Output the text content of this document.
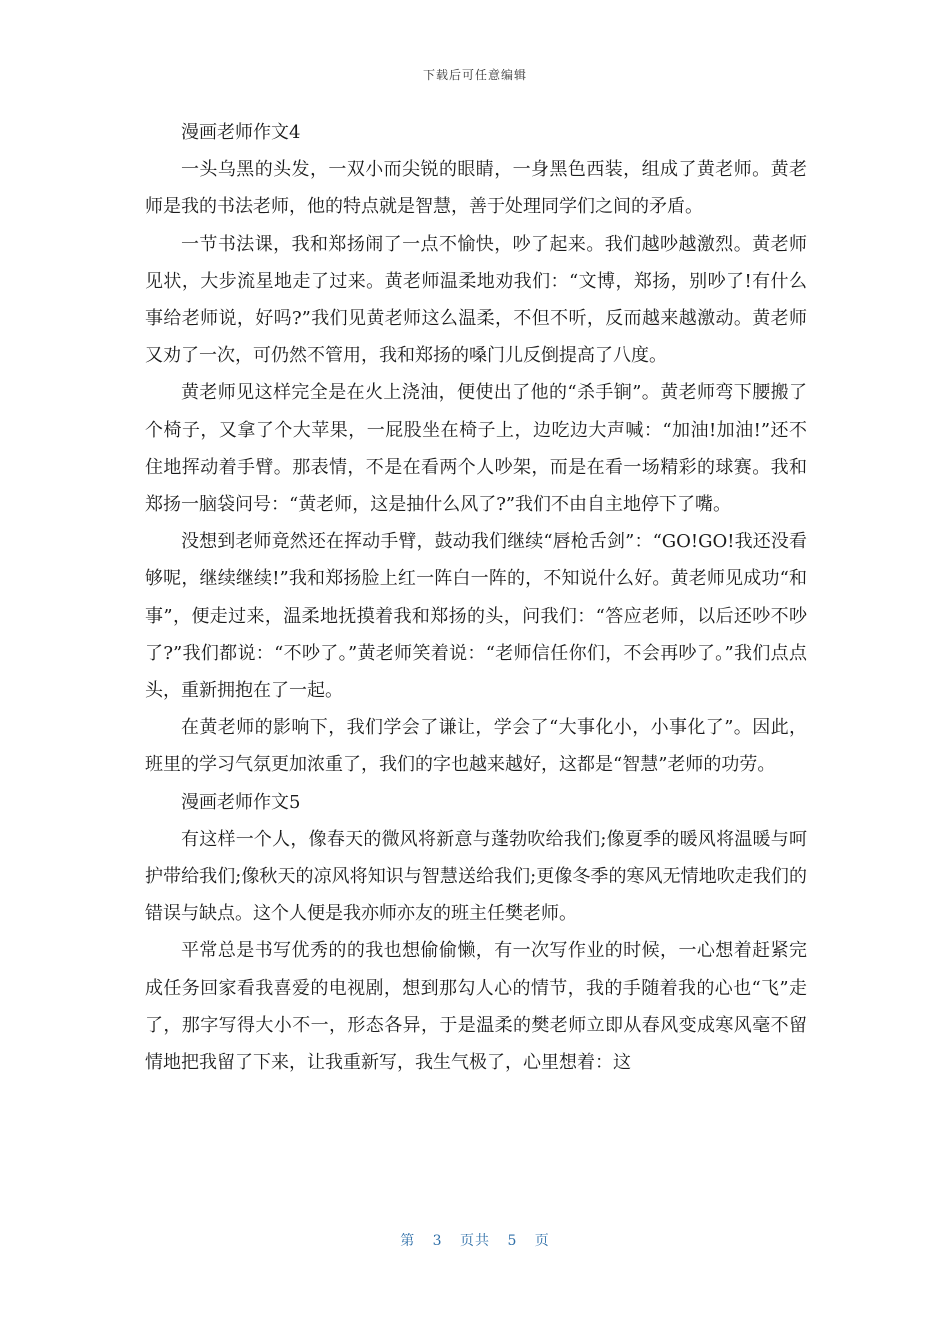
下载后可任意编辑

漫画老师作文4

一头乌黑的头发，一双小而尖锐的眼睛，一身黑色西装，组成了黄老师。黄老师是我的书法老师，他的特点就是智慧，善于处理同学们之间的矛盾。

一节书法课，我和郑扬闹了一点不愉快，吵了起来。我们越吵越激烈。黄老师见状，大步流星地走了过来。黄老师温柔地劝我们：“文博，郑扬，别吵了!有什么事给老师说，好吗?”我们见黄老师这么温柔，不但不听，反而越来越激动。黄老师又劝了一次，可仍然不管用，我和郑扬的嗓门儿反倒提高了八度。

黄老师见这样完全是在火上浇油，便使出了他的“杀手锏”。黄老师弯下腰搬了个椅子，又拿了个大苹果，一屁股坐在椅子上，边吃边大声喊：“加油!加油!”还不住地挥动着手臂。那表情，不是在看两个人吵架，而是在看一场精彩的球赛。我和郑扬一脑袋问号：“黄老师，这是抽什么风了?”我们不由自主地停下了嘴。

没想到老师竟然还在挥动手臂，鼓动我们继续“唇枪舌剑”：“GO!GO!我还没看够呢，继续继续!”我和郑扬脸上红一阵白一阵的，不知说什么好。黄老师见成功“和事”，便走过来，温柔地抚摸着我和郑扬的头，问我们：“答应老师，以后还吵不吵了?”我们都说：“不吵了。”黄老师笑着说：“老师信任你们，不会再吵了。”我们点点头，重新拥抱在了一起。

在黄老师的影响下，我们学会了谦让，学会了“大事化小，小事化了”。因此，班里的学习气氛更加浓重了，我们的字也越来越好，这都是“智慧”老师的功劳。

漫画老师作文5

有这样一个人，像春天的微风将新意与蓬勃吹给我们;像夏季的暖风将温暖与呵护带给我们;像秋天的凉风将知识与智慧送给我们;更像冬季的寒风无情地吹走我们的错误与缺点。这个人便是我亦师亦友的班主任樊老师。

平常总是书写优秀的的我也想偷偷懒，有一次写作业的时候，一心想着赶紧完成任务回家看我喜爱的电视剧，想到那勾人心的情节，我的手随着我的心也“飞”走了，那字写得大小不一，形态各异，于是温柔的樊老师立即从春风变成寒风毫不留情地把我留了下来，让我重新写，我生气极了，心里想着：这

第 3 页共 5 页
